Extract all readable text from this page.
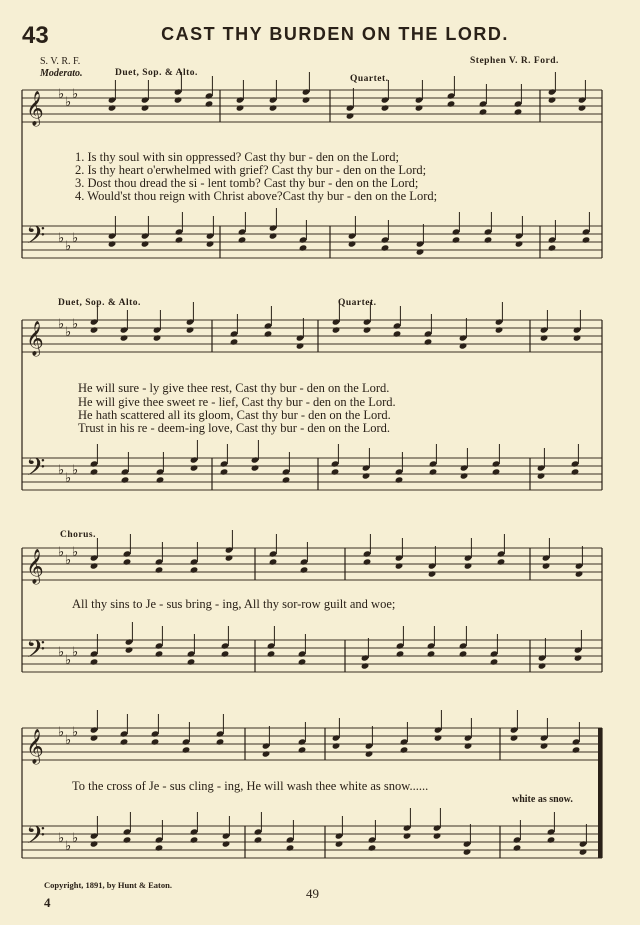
43	CAST THY BURDEN ON THE LORD.
S. V. R. F.	Stephen V. R. Ford.
Moderato.	Duet, Sop. & Alto.
Quartet.
𝄞
𝄢
♭
♭
♭
♭
♭
♭
𝄞
𝄢
♭
♭
♭
♭
♭
♭
𝄞
𝄢
♭
♭
♭
♭
♭
♭
𝄞
𝄢
♭
♭
♭
♭
♭
♭
1. Is thy soul with sin oppressed? Cast thy bur - den on the Lord;
2. Is thy heart o'erwhelmed with grief? Cast thy bur - den on the Lord;
3. Dost thou dread the si - lent tomb? Cast thy bur - den on the Lord;
4. Would'st thou reign with Christ above?Cast thy bur - den on the Lord;
Duet, Sop. & Alto.	Quartet.
He will sure - ly give thee rest, Cast thy bur - den on the Lord.
He will give thee sweet re - lief, Cast thy bur - den on the Lord.
He hath scattered all its gloom, Cast thy bur - den on the Lord.
Trust in his re - deem-ing love, Cast thy bur - den on the Lord.
Chorus.
All thy sins to Je - sus bring - ing, All thy sor-row guilt and woe;
To the cross of Je - sus cling - ing, He will wash thee white as snow......
white as snow.
Copyright, 1891, by Hunt & Eaton.
4
49
